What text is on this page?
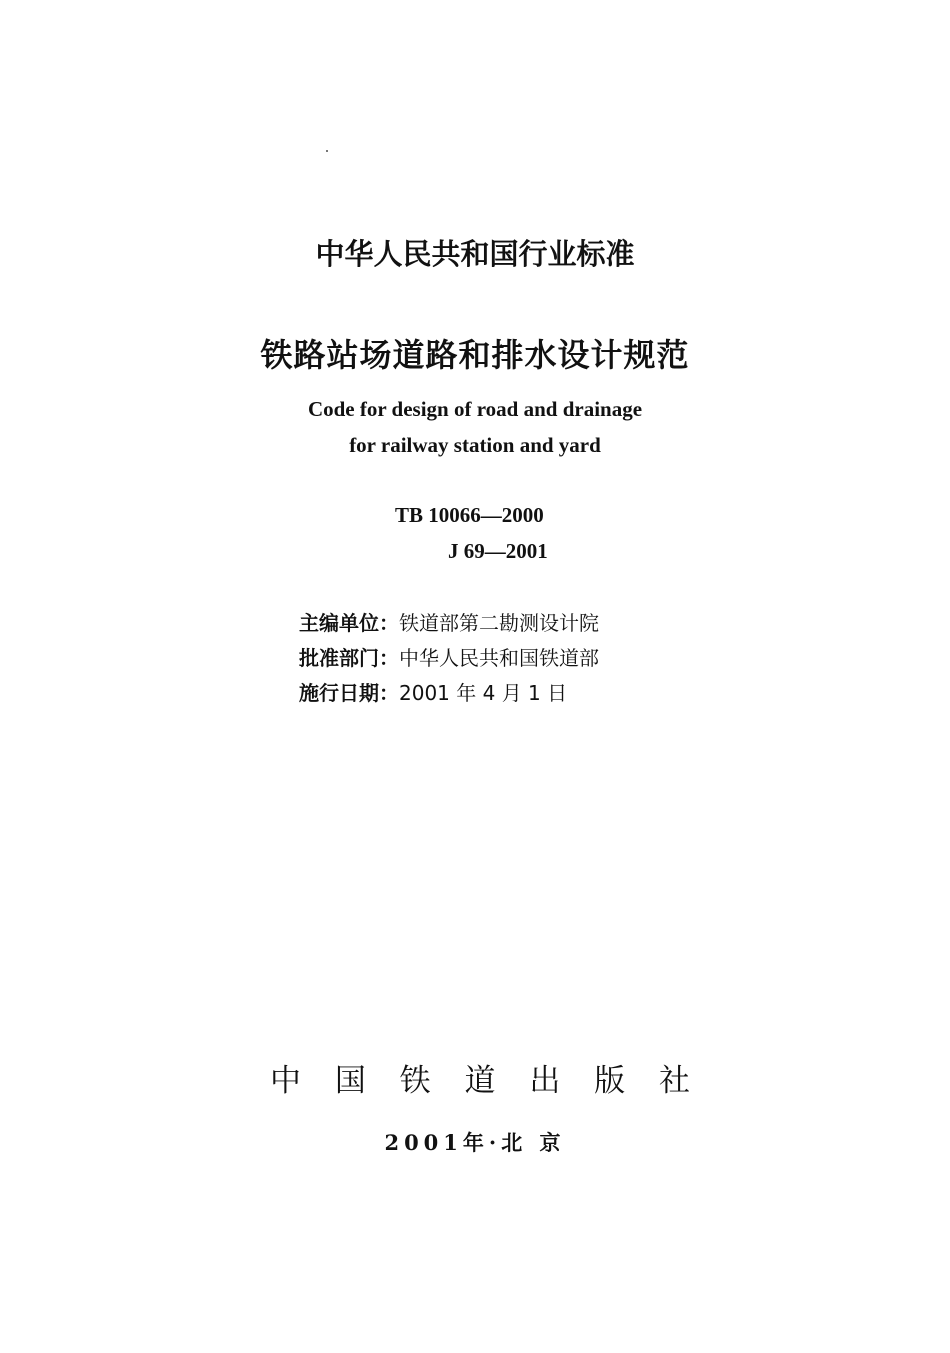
中华人民共和国行业标准
铁路站场道路和排水设计规范
Code for design of road and drainage
for railway station and yard
TB 10066—2000
J 69—2001
主编单位：铁道部第二勘测设计院
批准部门：中华人民共和国铁道部
施行日期：2001 年 4 月 1 日
中 国 铁 道 出 版 社
2001年·北 京
